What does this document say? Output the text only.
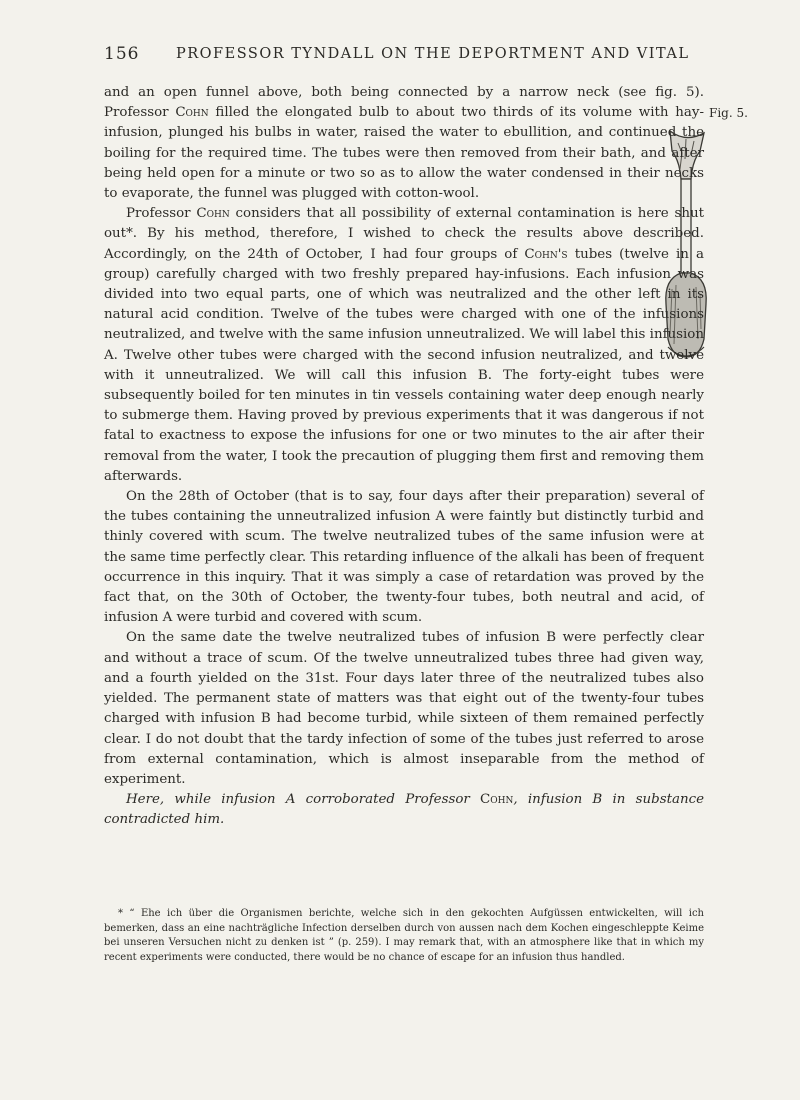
156	PROFESSOR TYNDALL ON THE DEPORTMENT AND VITAL
Fig. 5.

and an open funnel above, both being connected by a narrow neck (see fig. 5). Professor Cohn filled the elongated bulb to about two thirds of its volume with hay-infusion, plunged his bulbs in water, raised the water to ebullition, and continued the boiling for the required time. The tubes were then removed from their bath, and after being held open for a minute or two so as to allow the water condensed in their necks to evaporate, the funnel was plugged with cotton-wool.

Professor Cohn considers that all possibility of external contamination is here shut out*. By his method, therefore, I wished to check the results above described. Accordingly, on the 24th of October, I had four groups of Cohn's tubes (twelve in a group) carefully charged with two freshly prepared hay-infusions. Each infusion was divided into two equal parts, one of which was neutralized and the other left in its natural acid condition. Twelve of the tubes were charged with one of the infusions neutralized, and twelve with the same infusion unneutralized. We will label this infusion A. Twelve other tubes were charged with the second infusion neutralized, and twelve with it unneutralized. We will call this infusion B. The forty-eight tubes were subsequently boiled for ten minutes in tin vessels containing water deep enough nearly to submerge them. Having proved by previous experiments that it was dangerous if not fatal to exactness to expose the infusions for one or two minutes to the air after their removal from the water, I took the precaution of plugging them first and removing them afterwards.

On the 28th of October (that is to say, four days after their preparation) several of the tubes containing the unneutralized infusion A were faintly but distinctly turbid and thinly covered with scum. The twelve neutralized tubes of the same infusion were at the same time perfectly clear. This retarding influence of the alkali has been of frequent occurrence in this inquiry. That it was simply a case of retardation was proved by the fact that, on the 30th of October, the twenty-four tubes, both neutral and acid, of infusion A were turbid and covered with scum.

On the same date the twelve neutralized tubes of infusion B were perfectly clear and without a trace of scum. Of the twelve unneutralized tubes three had given way, and a fourth yielded on the 31st. Four days later three of the neutralized tubes also yielded. The permanent state of matters was that eight out of the twenty-four tubes charged with infusion B had become turbid, while sixteen of them remained perfectly clear. I do not doubt that the tardy infection of some of the tubes just referred to arose from external contamination, which is almost inseparable from the method of experiment.

Here, while infusion A corroborated Professor Cohn, infusion B in substance contradicted him.

* “ Ehe ich über die Organismen berichte, welche sich in den gekochten Aufgüssen entwickelten, will ich bemerken, dass an eine nachträgliche Infection derselben durch von aussen nach dem Kochen eingeschleppte Keime bei unseren Versuchen nicht zu denken ist ” (p. 259). I may remark that, with an atmosphere like that in which my recent experiments were conducted, there would be no chance of escape for an infusion thus handled.
